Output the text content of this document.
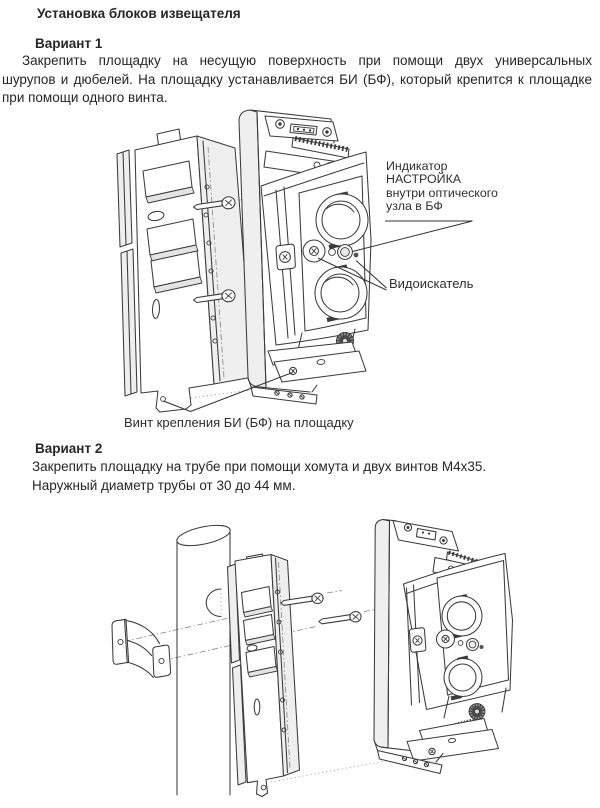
Установка блоков извещателя
Вариант 1
Закрепить площадку на несущую поверхность при помощи двух универсальных
шурупов и дюбелей. На площадку устанавливается БИ (БФ), который крепится к площадке
при помощи одного винта.
Индикатор
НАСТРОЙКА
внутри оптического
узла в БФ
Видоискатель
Винт крепления БИ (БФ) на площадку
Вариант 2
Закрепить площадку на трубе при помощи хомута и двух винтов М4х35.
Наружный диаметр трубы от 30 до 44 мм.
